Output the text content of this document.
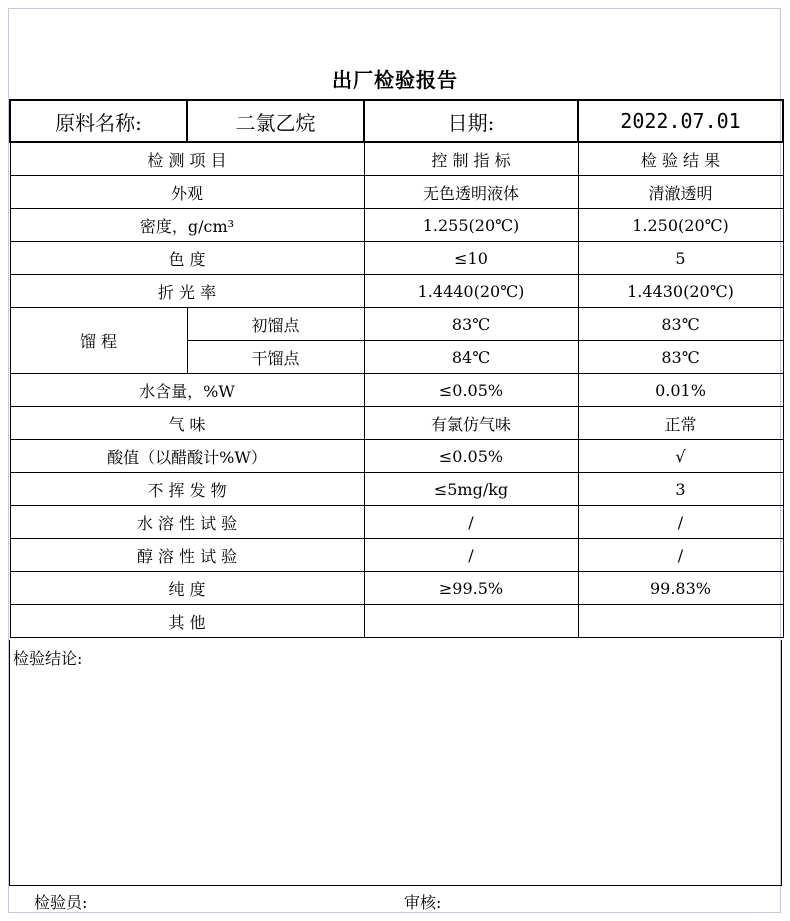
出厂检验报告
原料名称:	二氯乙烷	日期:	2022.07.01
检 测 项 目		控 制 指 标	检 验 结 果
外观		无色透明液体	清澈透明
密度，g/cm³		1.255(20℃)	1.250(20℃)
色 度		≤10	5
折 光 率		1.4440(20℃)	1.4430(20℃)
馏 程	初馏点	83℃	83℃
	干馏点	84℃	83℃
水含量，%W		≤0.05%	0.01%
气 味		有氯仿气味	正常
酸值（以醋酸计%W）		≤0.05%	√
不 挥 发 物		≤5mg/kg	3
水 溶 性 试 验		/	/
醇 溶 性 试 验		/	/
纯 度		≥99.5%	99.83%
其 他			
检验结论:
检验员:	审核:
